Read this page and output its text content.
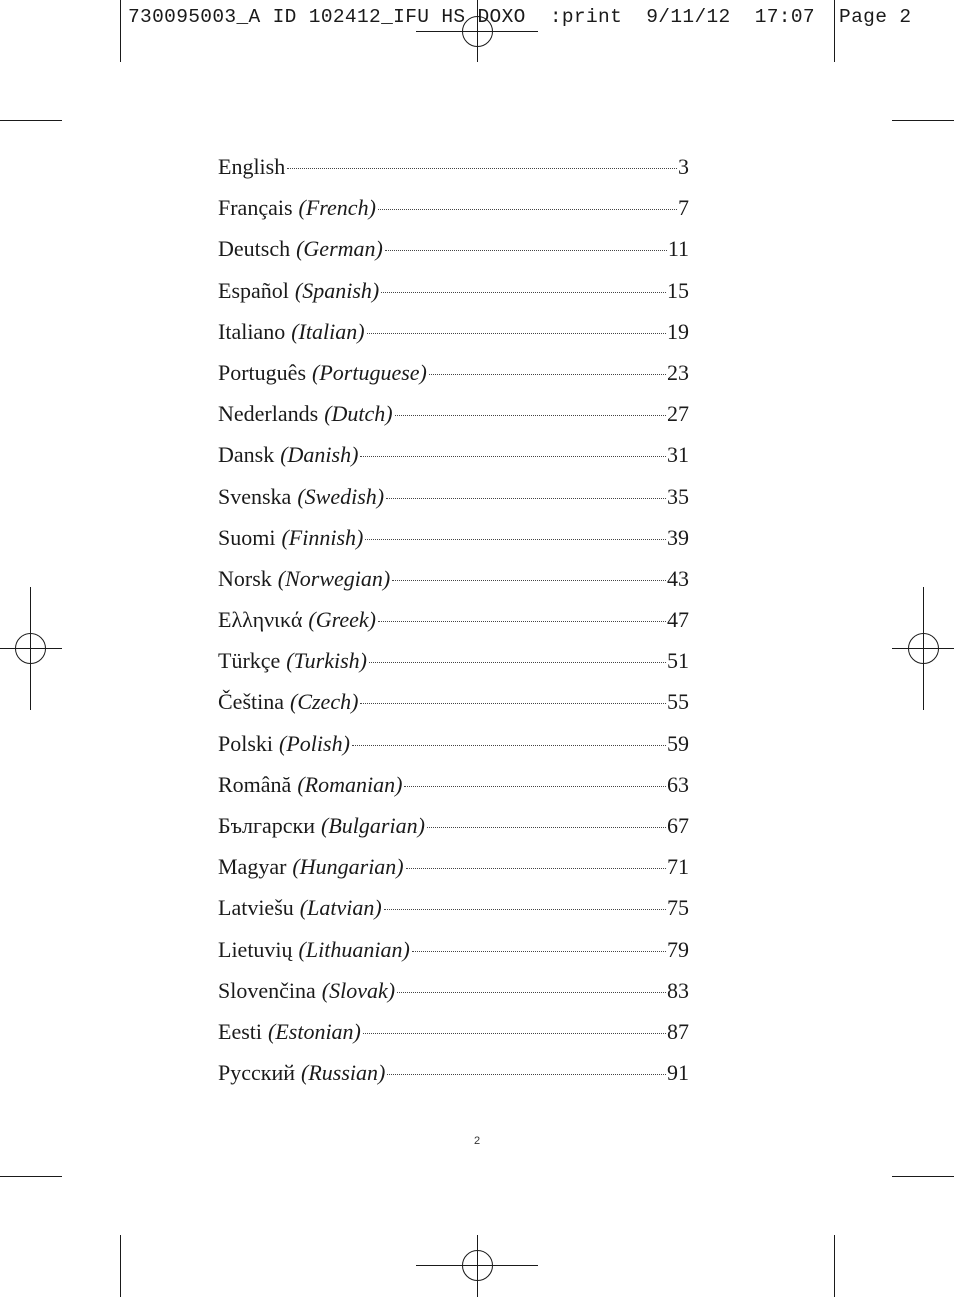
730095003_A ID 102412_IFU HS DOXO  :print  9/11/12  17:07  Page 2
English	3
Français (French)	7
Deutsch (German)	11
Español (Spanish)	15
Italiano (Italian)	19
Português (Portuguese)	23
Nederlands (Dutch)	27
Dansk (Danish)	31
Svenska (Swedish)	35
Suomi (Finnish)	39
Norsk (Norwegian)	43
Ελληνικά (Greek)	47
Türkçe (Turkish)	51
Čeština (Czech)	55
Polski (Polish)	59
Română (Romanian)	63
Български (Bulgarian)	67
Magyar (Hungarian)	71
Latviešu (Latvian)	75
Lietuvių (Lithuanian)	79
Slovenčina (Slovak)	83
Eesti (Estonian)	87
Русский (Russian)	91
2
